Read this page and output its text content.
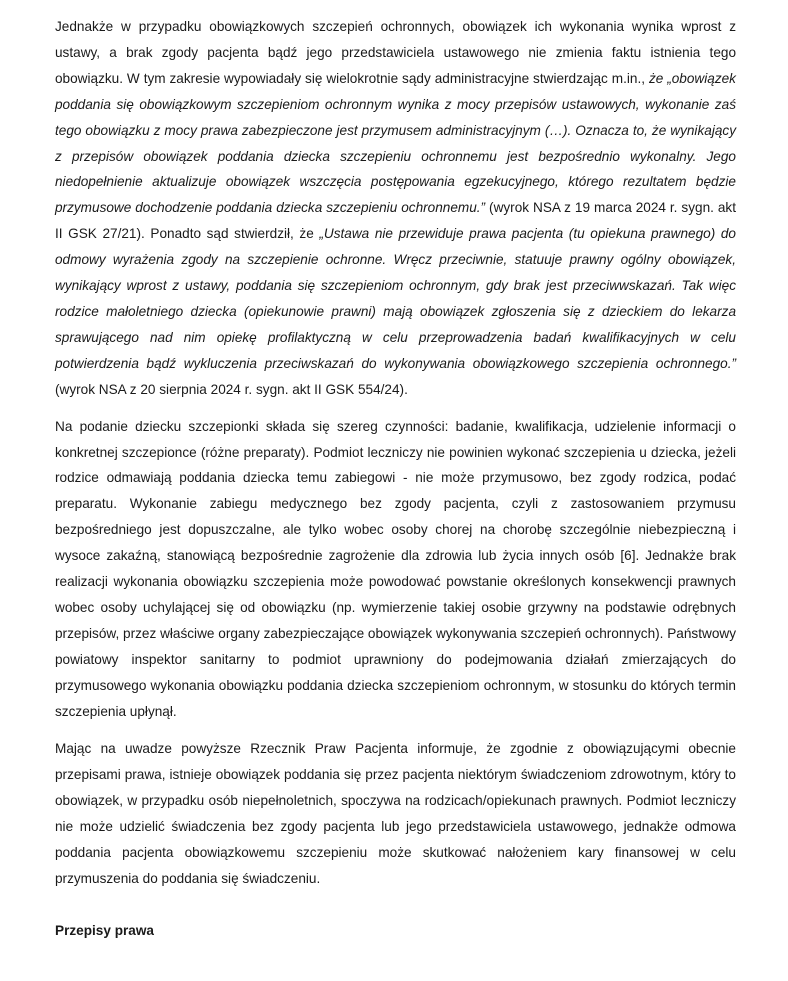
Jednakże w przypadku obowiązkowych szczepień ochronnych, obowiązek ich wykonania wynika wprost z ustawy, a brak zgody pacjenta bądź jego przedstawiciela ustawowego nie zmienia faktu istnienia tego obowiązku. W tym zakresie wypowiadały się wielokrotnie sądy administracyjne stwierdzając m.in., że „obowiązek poddania się obowiązkowym szczepieniom ochronnym wynika z mocy przepisów ustawowych, wykonanie zaś tego obowiązku z mocy prawa zabezpieczone jest przymusem administracyjnym (…). Oznacza to, że wynikający z przepisów obowiązek poddania dziecka szczepieniu ochronnemu jest bezpośrednio wykonalny. Jego niedopełnienie aktualizuje obowiązek wszczęcia postępowania egzekucyjnego, którego rezultatem będzie przymusowe dochodzenie poddania dziecka szczepieniu ochronnemu.” (wyrok NSA z 19 marca 2024 r. sygn. akt II GSK 27/21). Ponadto sąd stwierdził, że „Ustawa nie przewiduje prawa pacjenta (tu opiekuna prawnego) do odmowy wyrażenia zgody na szczepienie ochronne. Wręcz przeciwnie, statuuje prawny ogólny obowiązek, wynikający wprost z ustawy, poddania się szczepieniom ochronnym, gdy brak jest przeciwwskazań. Tak więc rodzice małoletniego dziecka (opiekunowie prawni) mają obowiązek zgłoszenia się z dzieckiem do lekarza sprawującego nad nim opiekę profilaktyczną w celu przeprowadzenia badań kwalifikacyjnych w celu potwierdzenia bądź wykluczenia przeciwskazań do wykonywania obowiązkowego szczepienia ochronnego.” (wyrok NSA z 20 sierpnia 2024 r. sygn. akt II GSK 554/24).

Na podanie dziecku szczepionki składa się szereg czynności: badanie, kwalifikacja, udzielenie informacji o konkretnej szczepionce (różne preparaty). Podmiot leczniczy nie powinien wykonać szczepienia u dziecka, jeżeli rodzice odmawiają poddania dziecka temu zabiegowi - nie może przymusowo, bez zgody rodzica, podać preparatu. Wykonanie zabiegu medycznego bez zgody pacjenta, czyli z zastosowaniem przymusu bezpośredniego jest dopuszczalne, ale tylko wobec osoby chorej na chorobę szczególnie niebezpieczną i wysoce zakaźną, stanowiącą bezpośrednie zagrożenie dla zdrowia lub życia innych osób [6]. Jednakże brak realizacji wykonania obowiązku szczepienia może powodować powstanie określonych konsekwencji prawnych wobec osoby uchylającej się od obowiązku (np. wymierzenie takiej osobie grzywny na podstawie odrębnych przepisów, przez właściwe organy zabezpieczające obowiązek wykonywania szczepień ochronnych). Państwowy powiatowy inspektor sanitarny to podmiot uprawniony do podejmowania działań zmierzających do przymusowego wykonania obowiązku poddania dziecka szczepieniom ochronnym, w stosunku do których termin szczepienia upłynął.

Mając na uwadze powyższe Rzecznik Praw Pacjenta informuje, że zgodnie z obowiązującymi obecnie przepisami prawa, istnieje obowiązek poddania się przez pacjenta niektórym świadczeniom zdrowotnym, który to obowiązek, w przypadku osób niepełnoletnich, spoczywa na rodzicach/opiekunach prawnych. Podmiot leczniczy nie może udzielić świadczenia bez zgody pacjenta lub jego przedstawiciela ustawowego, jednakże odmowa poddania pacjenta obowiązkowemu szczepieniu może skutkować nałożeniem kary finansowej w celu przymuszenia do poddania się świadczeniu.

Przepisy prawa
